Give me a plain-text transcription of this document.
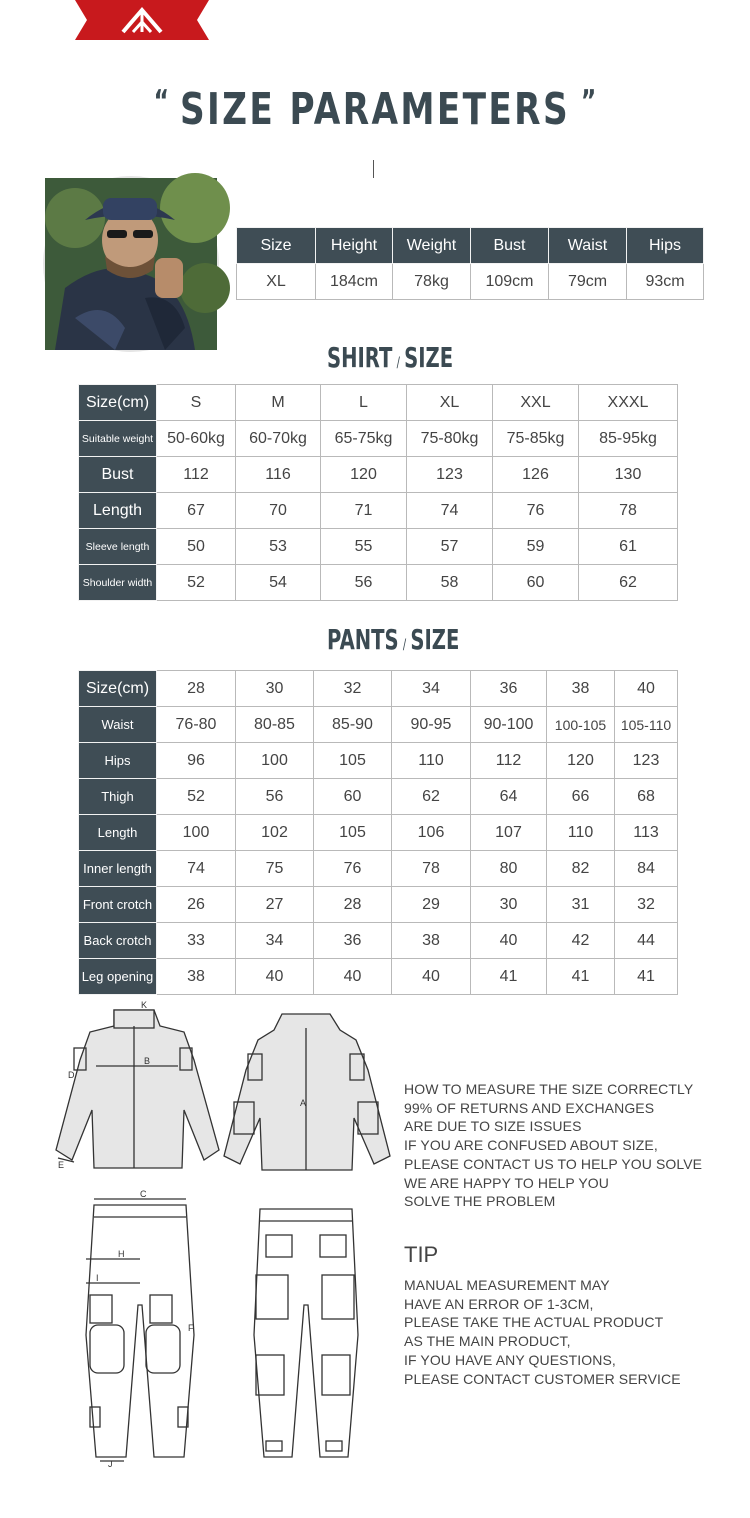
“ SIZE PARAMETERS ”
Size	Height	Weight	Bust	Waist	Hips
XL	184cm	78kg	109cm	79cm	93cm
SHIRT / SIZE
Size(cm)	S	M	L	XL	XXL	XXXL
Suitable weight	50-60kg	60-70kg	65-75kg	75-80kg	75-85kg	85-95kg
Bust	112	116	120	123	126	130
Length	67	70	71	74	76	78
Sleeve length	50	53	55	57	59	61
Shoulder width	52	54	56	58	60	62
PANTS / SIZE
Size(cm)	28	30	32	34	36	38	40
Waist	76-80	80-85	85-90	90-95	90-100	100-105	105-110
Hips	96	100	105	110	112	120	123
Thigh	52	56	60	62	64	66	68
Length	100	102	105	106	107	110	113
Inner length	74	75	76	78	80	82	84
Front crotch	26	27	28	29	30	31	32
Back crotch	33	34	36	38	40	42	44
Leg opening	38	40	40	40	41	41	41
K
B
D
E
A
C
H
I
F
J
HOW TO MEASURE THE SIZE CORRECTLY
99% OF RETURNS AND EXCHANGES
ARE DUE TO SIZE ISSUES
IF YOU ARE CONFUSED ABOUT SIZE,
PLEASE CONTACT US TO HELP YOU SOLVE
WE ARE HAPPY TO HELP YOU
SOLVE THE PROBLEM
TIP
MANUAL MEASUREMENT MAY
HAVE AN ERROR OF 1-3CM,
PLEASE TAKE THE ACTUAL PRODUCT
AS THE MAIN PRODUCT,
IF YOU HAVE ANY QUESTIONS,
PLEASE CONTACT CUSTOMER SERVICE
